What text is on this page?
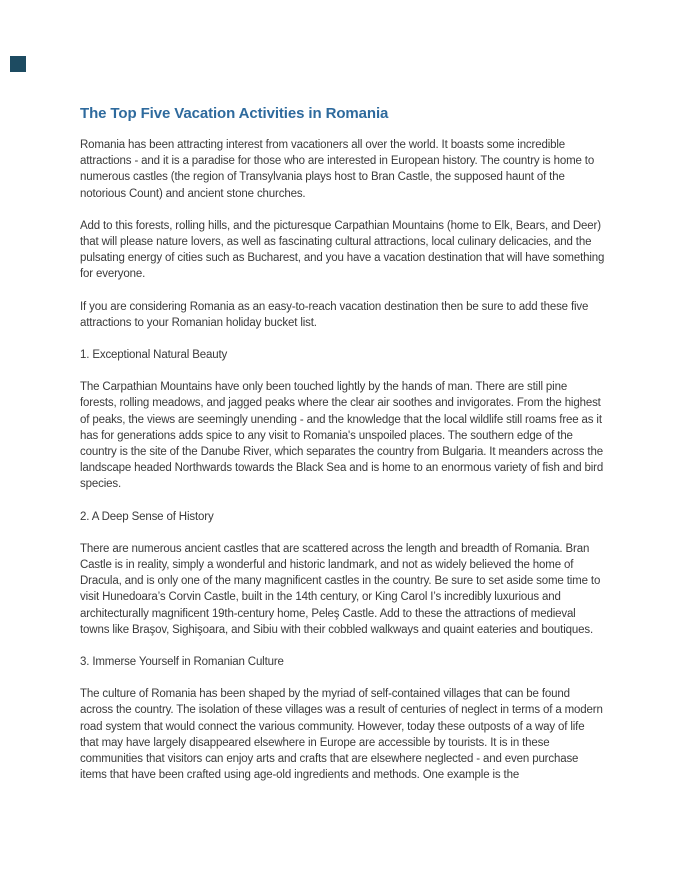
The Top Five Vacation Activities in Romania

Romania has been attracting interest from vacationers all over the world. It boasts some incredible attractions - and it is a paradise for those who are interested in European history. The country is home to numerous castles (the region of Transylvania plays host to Bran Castle, the supposed haunt of the notorious Count) and ancient stone churches.

Add to this forests, rolling hills, and the picturesque Carpathian Mountains (home to Elk, Bears, and Deer) that will please nature lovers, as well as fascinating cultural attractions, local culinary delicacies, and the pulsating energy of cities such as Bucharest, and you have a vacation destination that will have something for everyone.

If you are considering Romania as an easy-to-reach vacation destination then be sure to add these five attractions to your Romanian holiday bucket list.

1. Exceptional Natural Beauty

The Carpathian Mountains have only been touched lightly by the hands of man. There are still pine forests, rolling meadows, and jagged peaks where the clear air soothes and invigorates. From the highest of peaks, the views are seemingly unending - and the knowledge that the local wildlife still roams free as it has for generations adds spice to any visit to Romania's unspoiled places. The southern edge of the country is the site of the Danube River, which separates the country from Bulgaria. It meanders across the landscape headed Northwards towards the Black Sea and is home to an enormous variety of fish and bird species.

2. A Deep Sense of History

There are numerous ancient castles that are scattered across the length and breadth of Romania. Bran Castle is in reality, simply a wonderful and historic landmark, and not as widely believed the home of Dracula, and is only one of the many magnificent castles in the country. Be sure to set aside some time to visit Hunedoara’s Corvin Castle, built in the 14th century, or King Carol I’s incredibly luxurious and architecturally magnificent 19th-century home, Peleş Castle. Add to these the attractions of medieval towns like Braşov, Sighişoara, and Sibiu with their cobbled walkways and quaint eateries and boutiques.

3. Immerse Yourself in Romanian Culture

The culture of Romania has been shaped by the myriad of self-contained villages that can be found across the country. The isolation of these villages was a result of centuries of neglect in terms of a modern road system that would connect the various community. However, today these outposts of a way of life that may have largely disappeared elsewhere in Europe are accessible by tourists. It is in these communities that visitors can enjoy arts and crafts that are elsewhere neglected - and even purchase items that have been crafted using age-old ingredients and methods. One example is the
